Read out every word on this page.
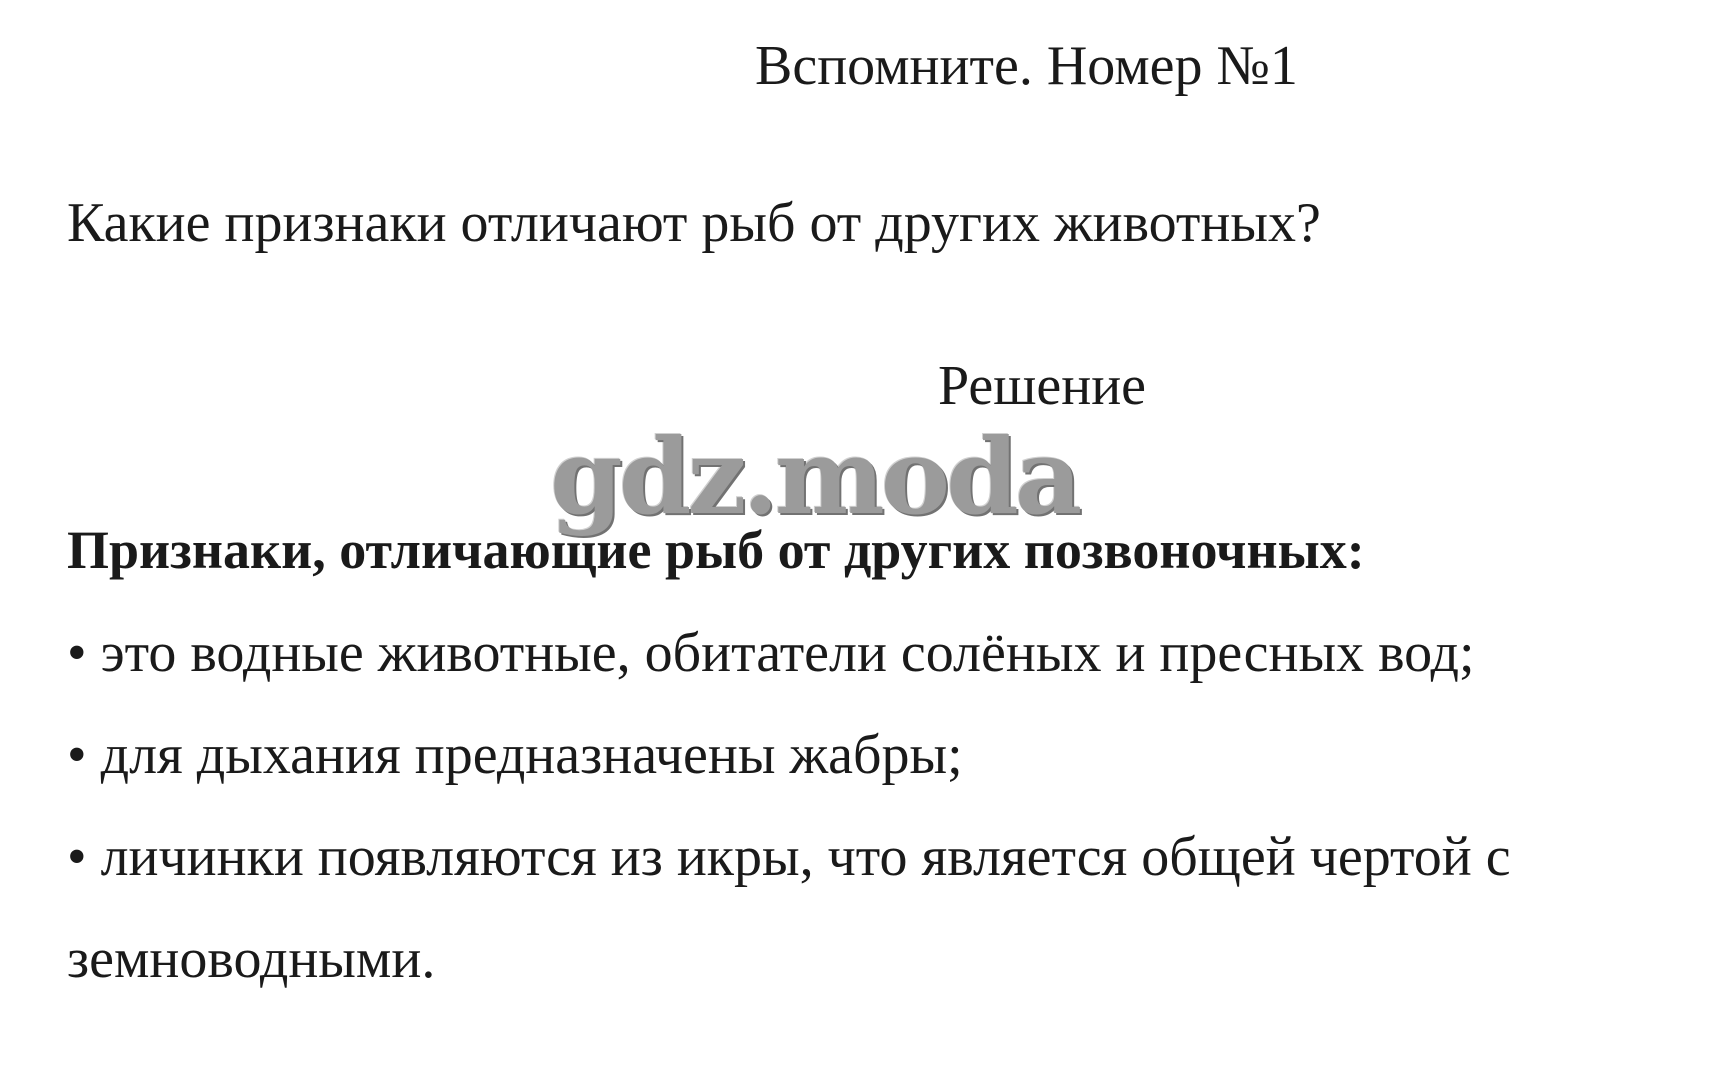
Вспомните. Номер №1
Какие признаки отличают рыб от других животных?
Решение
gdz.moda
Признаки, отличающие рыб от других позвоночных:
• это водные животные, обитатели солёных и пресных вод;
• для дыхания предназначены жабры;
• личинки появляются из икры, что является общей чертой с
земноводными.
